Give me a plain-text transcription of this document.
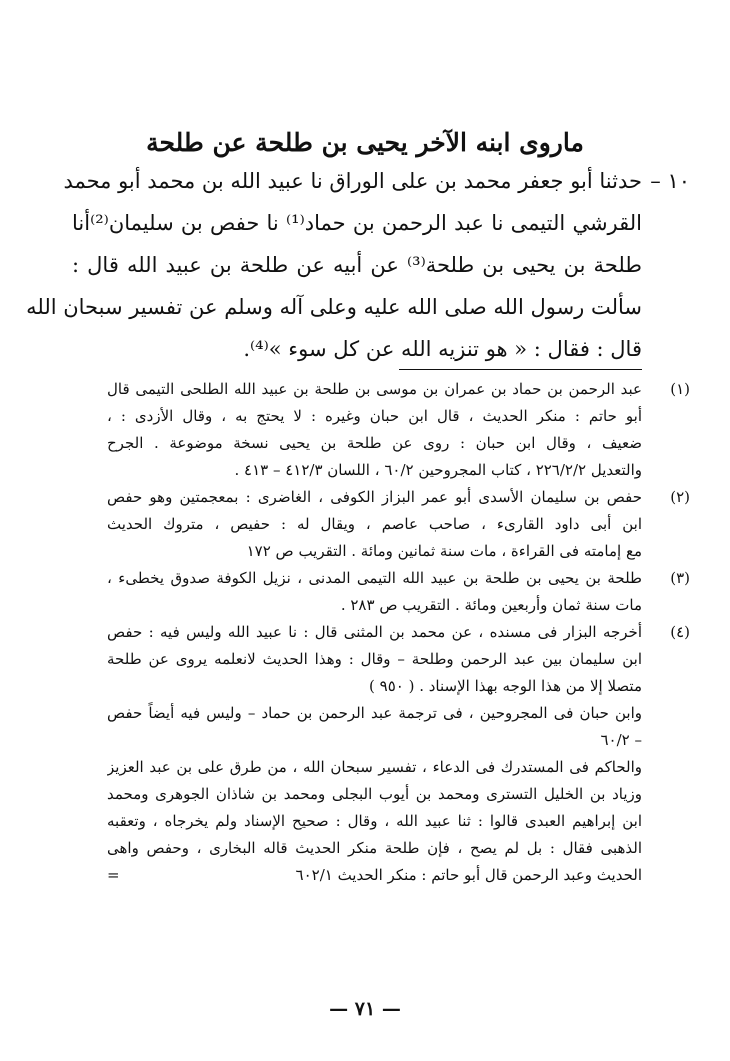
ماروى ابنه الآخر يحيى بن طلحة عن طلحة
١٠ –
حدثنا أبو جعفر محمد بن على الوراق نا عبيد الله بن محمد أبو محمد
القرشي التيمى نا عبد الرحمن بن حماد⁽¹⁾ نا حفص بن سليمان⁽²⁾أنا
طلحة بن يحيى بن طلحة⁽³⁾ عن أبيه عن طلحة بن عبيد الله قال :
سألت رسول الله صلى الله عليه وعلى آله وسلم عن تفسير سبحان الله
قال : فقال : « هو تنزيه الله عن كل سوء »⁽⁴⁾.
(١)
عبد الرحمن بن حماد بن عمران بن موسى بن طلحة بن عبيد الله الطلحى التيمى قال
أبو حاتم : منكر الحديث ، قال ابن حبان وغيره : لا يحتج به ، وقال الأزدى : ،
ضعيف ، وقال ابن حبان : روى عن طلحة بن يحيى نسخة موضوعة . الجرح
والتعديل ٢٢٦/٢/٢ ، كتاب المجروحين ٦٠/٢ ، اللسان ٤١٢/٣ – ٤١٣ .
(٢)
حفص بن سليمان الأسدى أبو عمر البزاز الكوفى ، الغاضرى : بمعجمتين وهو حفص
ابن أبى داود القارىء ، صاحب عاصم ، ويقال له : حفيص ، متروك الحديث
مع إمامته فى القراءة ، مات سنة ثمانين ومائة . التقريب ص ١٧٢
(٣)
طلحة بن يحيى بن طلحة بن عبيد الله التيمى المدنى ، نزيل الكوفة صدوق يخطىء ،
مات سنة ثمان وأربعين ومائة . التقريب ص ٢٨٣ .
(٤)
أخرجه البزار فى مسنده ، عن محمد بن المثنى قال : نا عبيد الله وليس فيه : حفص
ابن سليمان بين عبد الرحمن وطلحة – وقال : وهذا الحديث لانعلمه يروى عن طلحة
متصلا إلا من هذا الوجه بهذا الإسناد . ( ٩٥٠ )
وابن حبان فى المجروحين ، فى ترجمة عبد الرحمن بن حماد – وليس فيه أيضاً حفص
– ٦٠/٢
والحاكم فى المستدرك فى الدعاء ، تفسير سبحان الله ، من طرق على بن عبد العزيز
وزياد بن الخليل التسترى ومحمد بن أيوب البجلى ومحمد بن شاذان الجوهرى ومحمد
ابن إبراهيم العبدى قالوا : ثنا عبيد الله ، وقال : صحيح الإسناد ولم يخرجاه ، وتعقبه
الذهبى فقال : بل لم يصح ، فإن طلحة منكر الحديث قاله البخارى ، وحفص واهى
الحديث وعبد الرحمن قال أبو حاتم : منكر الحديث ٦٠٢/١
=
— ٧١ —
